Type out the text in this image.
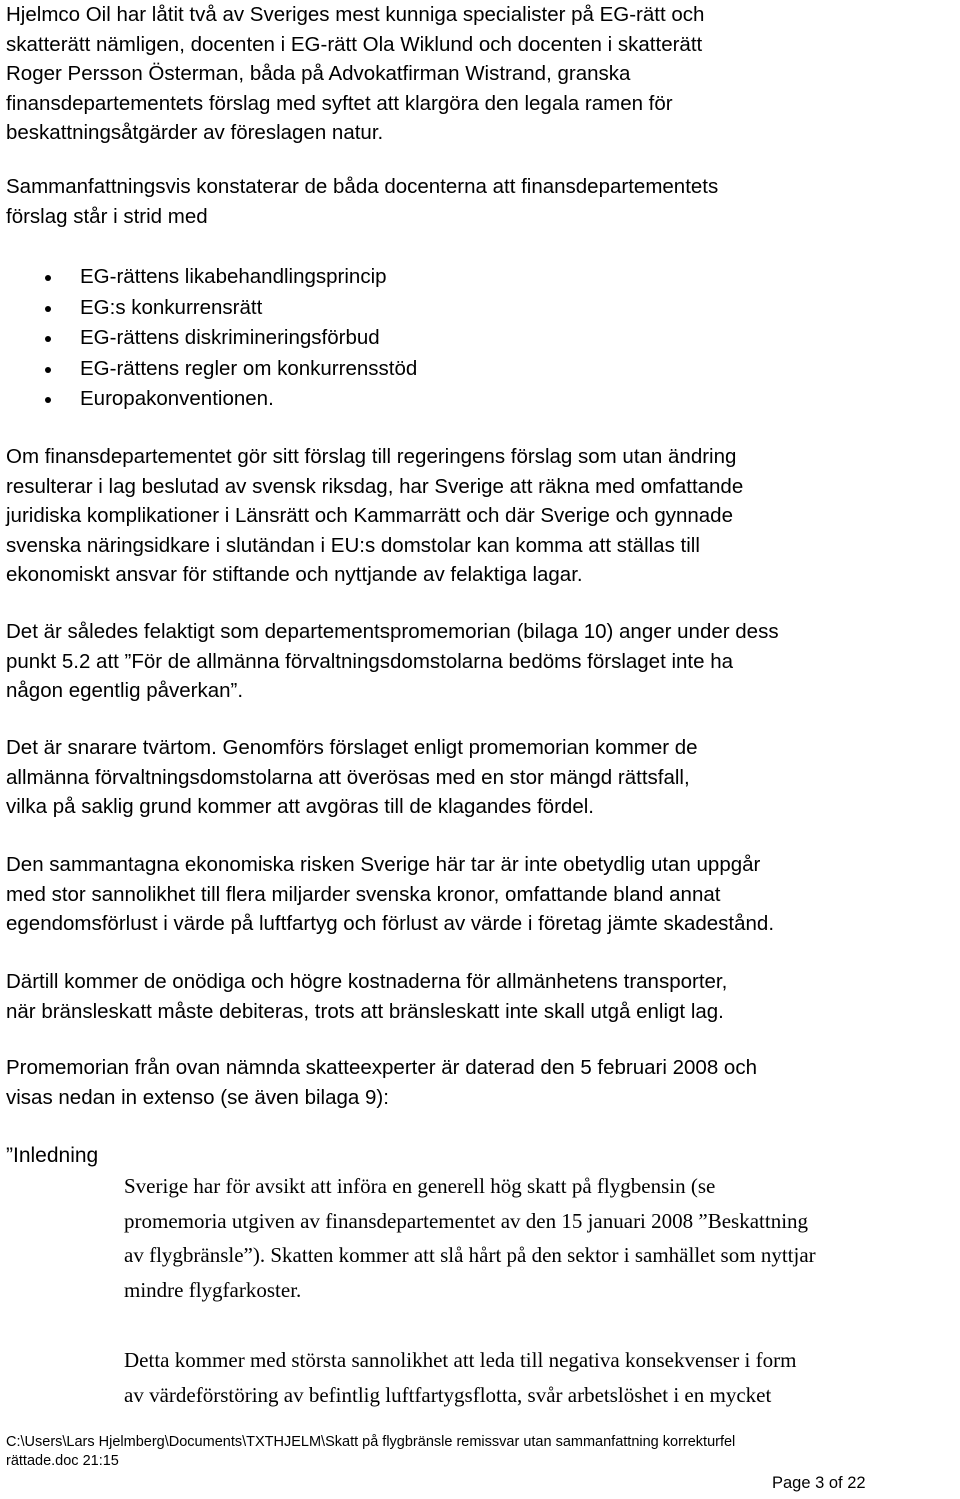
Hjelmco Oil har låtit två av Sveriges mest kunniga specialister på EG-rätt och
skatterätt nämligen, docenten i EG-rätt Ola Wiklund och docenten i skatterätt
Roger Persson Österman, båda på Advokatfirman Wistrand, granska
finansdepartementets förslag med syftet att klargöra den legala ramen för
beskattningsåtgärder av föreslagen natur.
Sammanfattningsvis konstaterar de båda docenterna att finansdepartementets
förslag står i strid med
EG-rättens likabehandlingsprincip
EG:s konkurrensrätt
EG-rättens diskrimineringsförbud
EG-rättens regler om konkurrensstöd
Europakonventionen.
Om finansdepartementet gör sitt förslag till regeringens förslag som utan ändring
resulterar i lag beslutad av svensk riksdag, har Sverige att räkna med omfattande
juridiska komplikationer i Länsrätt och Kammarrätt och där Sverige och gynnade
svenska näringsidkare i slutändan i EU:s domstolar kan komma att ställas till
ekonomiskt ansvar för stiftande och nyttjande av felaktiga lagar.
Det är således felaktigt som departementspromemorian (bilaga 10) anger under dess
punkt 5.2 att ”För de allmänna förvaltningsdomstolarna bedöms förslaget inte ha
någon egentlig påverkan”.
Det är snarare tvärtom. Genomförs förslaget enligt promemorian kommer de
allmänna förvaltningsdomstolarna att överösas med en stor mängd rättsfall,
vilka på saklig grund kommer att avgöras till de klagandes fördel.
Den sammantagna ekonomiska risken Sverige här tar är inte obetydlig utan uppgår
med stor sannolikhet till flera miljarder svenska kronor, omfattande bland annat
egendomsförlust i värde på luftfartyg och förlust av värde i företag jämte skadestånd.
Därtill kommer de onödiga och högre kostnaderna för allmänhetens transporter,
när bränsleskatt måste debiteras, trots att bränsleskatt inte skall utgå enligt lag.
Promemorian från ovan nämnda skatteexperter är daterad den 5 februari 2008 och
visas nedan in extenso (se även bilaga 9):
”Inledning
Sverige har för avsikt att införa en generell hög skatt på flygbensin (se
promemoria utgiven av finansdepartementet av den 15 januari 2008 ”Beskattning
av flygbränsle”). Skatten kommer att slå hårt på den sektor i samhället som nyttjar
mindre flygfarkoster.
Detta kommer med största sannolikhet att leda till negativa konsekvenser i form
av värdeförstöring av befintlig luftfartygsflotta, svår arbetslöshet i en mycket
C:\Users\Lars Hjelmberg\Documents\TXTHJELM\Skatt på flygbränsle remissvar utan sammanfattning korrekturfel
rättade.doc 21:15
Page 3 of 22
